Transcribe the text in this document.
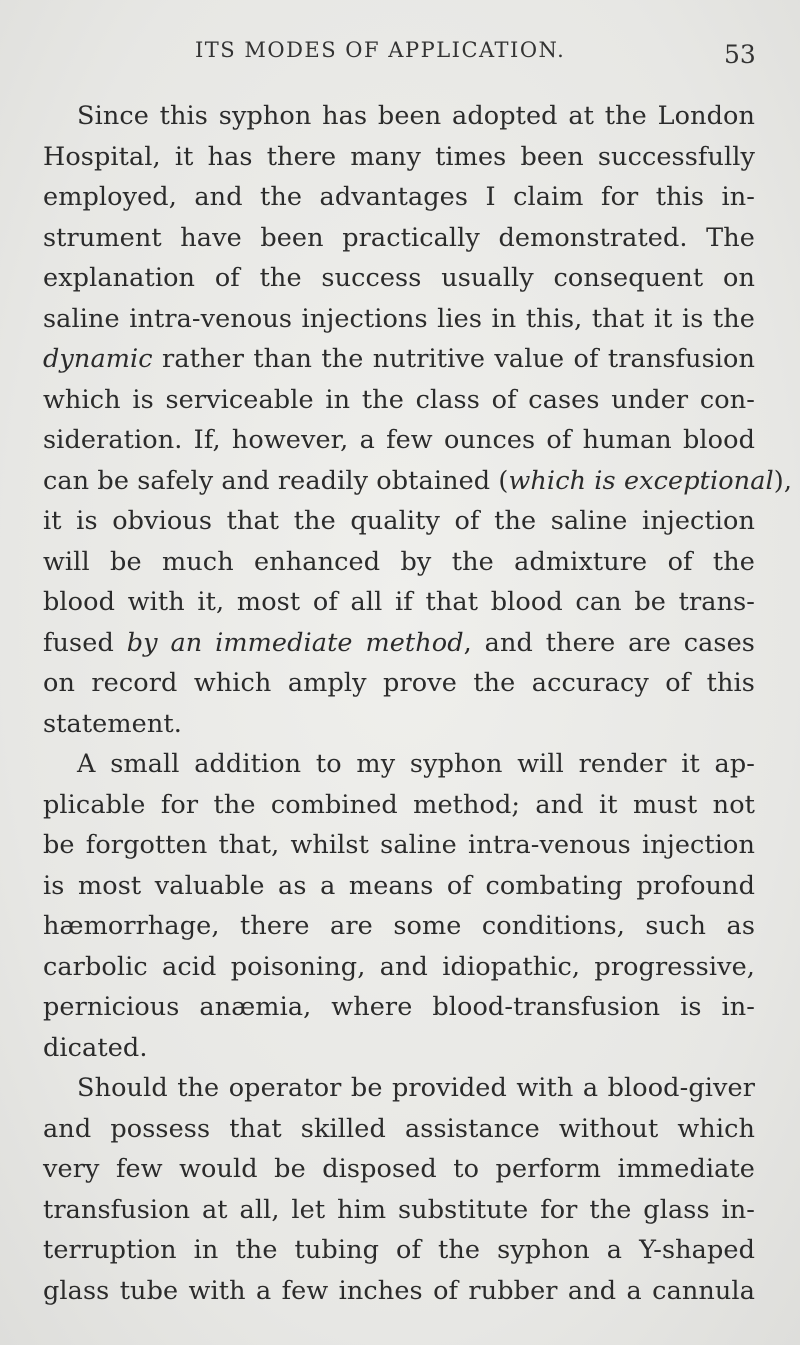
ITS MODES OF APPLICATION.	53
Since this syphon has been adopted at the London
Hospital, it has there many times been successfully
employed, and the advantages I claim for this in-
strument have been practically demonstrated. The
explanation of the success usually consequent on
saline intra-venous injections lies in this, that it is the
dynamic rather than the nutritive value of transfusion
which is serviceable in the class of cases under con-
sideration. If, however, a few ounces of human blood
can be safely and readily obtained (which is exceptional),
it is obvious that the quality of the saline injection
will be much enhanced by the admixture of the
blood with it, most of all if that blood can be trans-
fused by an immediate method, and there are cases
on record which amply prove the accuracy of this
statement.
A small addition to my syphon will render it ap-
plicable for the combined method; and it must not
be forgotten that, whilst saline intra-venous injection
is most valuable as a means of combating profound
hæmorrhage, there are some conditions, such as
carbolic acid poisoning, and idiopathic, progressive,
pernicious anæmia, where blood-transfusion is in-
dicated.
Should the operator be provided with a blood-giver
and possess that skilled assistance without which
very few would be disposed to perform immediate
transfusion at all, let him substitute for the glass in-
terruption in the tubing of the syphon a Y-shaped
glass tube with a few inches of rubber and a cannula
